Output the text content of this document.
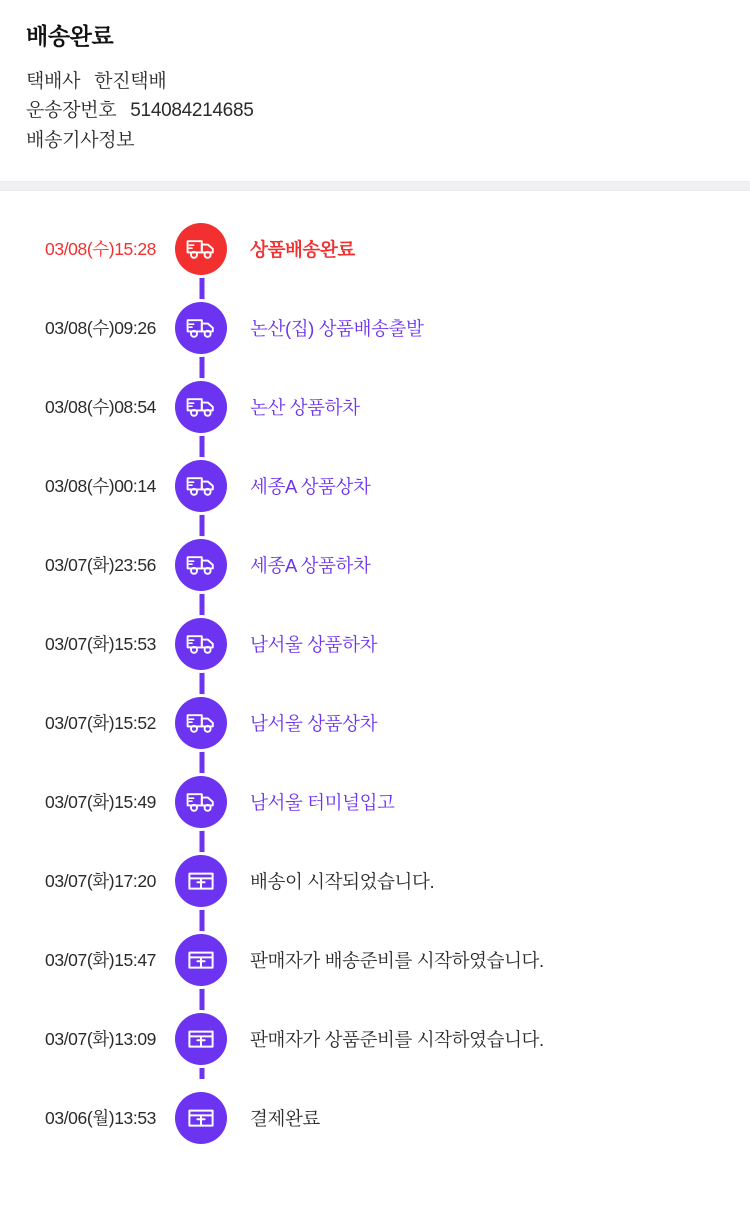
배송완료
택배사 한진택배
운송장번호 514084214685
배송기사정보
03/08(수)15:28	상품배송완료
03/08(수)09:26	논산(집) 상품배송출발
03/08(수)08:54	논산 상품하차
03/08(수)00:14	세종A 상품상차
03/07(화)23:56	세종A 상품하차
03/07(화)15:53	남서울 상품하차
03/07(화)15:52	남서울 상품상차
03/07(화)15:49	남서울 터미널입고
03/07(화)17:20	배송이 시작되었습니다.
03/07(화)15:47	판매자가 배송준비를 시작하였습니다.
03/07(화)13:09	판매자가 상품준비를 시작하였습니다.
03/06(월)13:53	결제완료
